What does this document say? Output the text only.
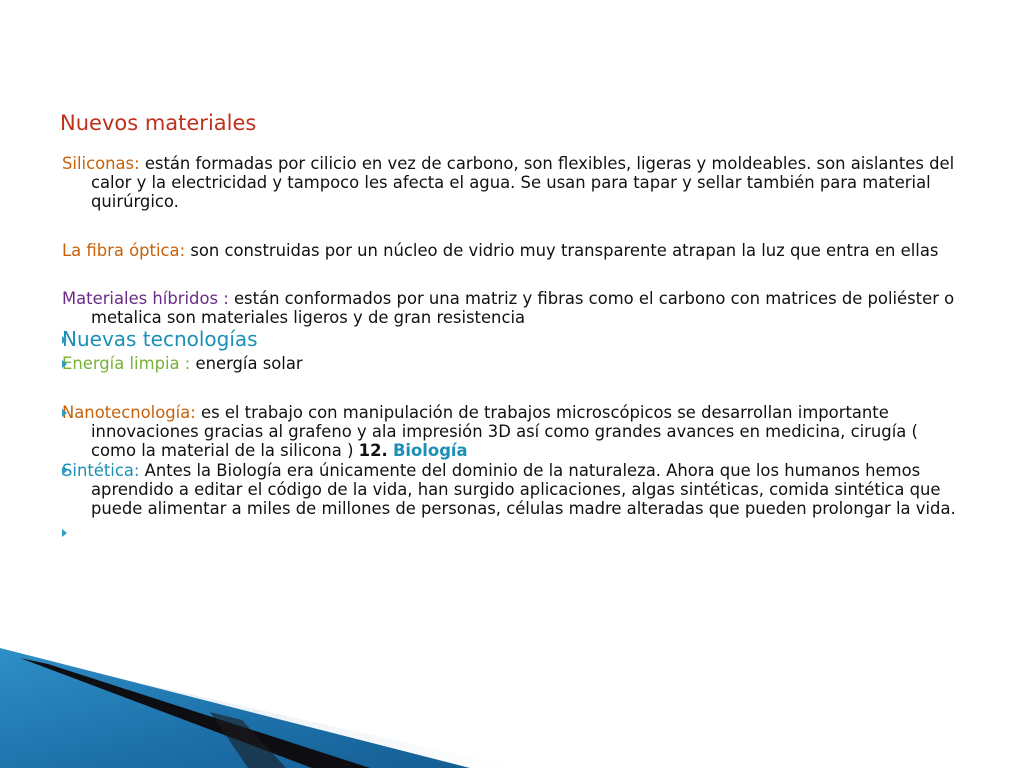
Nuevos materiales
Siliconas: están formadas por cilicio en vez de carbono, son flexibles, ligeras y moldeables. son aislantes del calor y la electricidad y tampoco les afecta el agua. Se usan para tapar y sellar también para material quirúrgico.
La fibra óptica: son construidas por un núcleo de vidrio muy transparente atrapan la luz que entra en ellas
Materiales híbridos : están conformados por una matriz y fibras como el carbono con matrices de poliéster o metalica son materiales ligeros y de gran resistencia
Nuevas tecnologías
Energía limpia : energía solar
Nanotecnología: es el trabajo con manipulación de trabajos microscópicos se desarrollan importante innovaciones gracias al grafeno y ala impresión 3D así como grandes avances en medicina, cirugía ( como la material de la silicona ) 12. Biología
Sintética: Antes la Biología era únicamente del dominio de la naturaleza. Ahora que los humanos hemos aprendido a editar el código de la vida, han surgido aplicaciones, algas sintéticas, comida sintética que puede alimentar a miles de millones de personas, células madre alteradas que pueden prolongar la vida.
